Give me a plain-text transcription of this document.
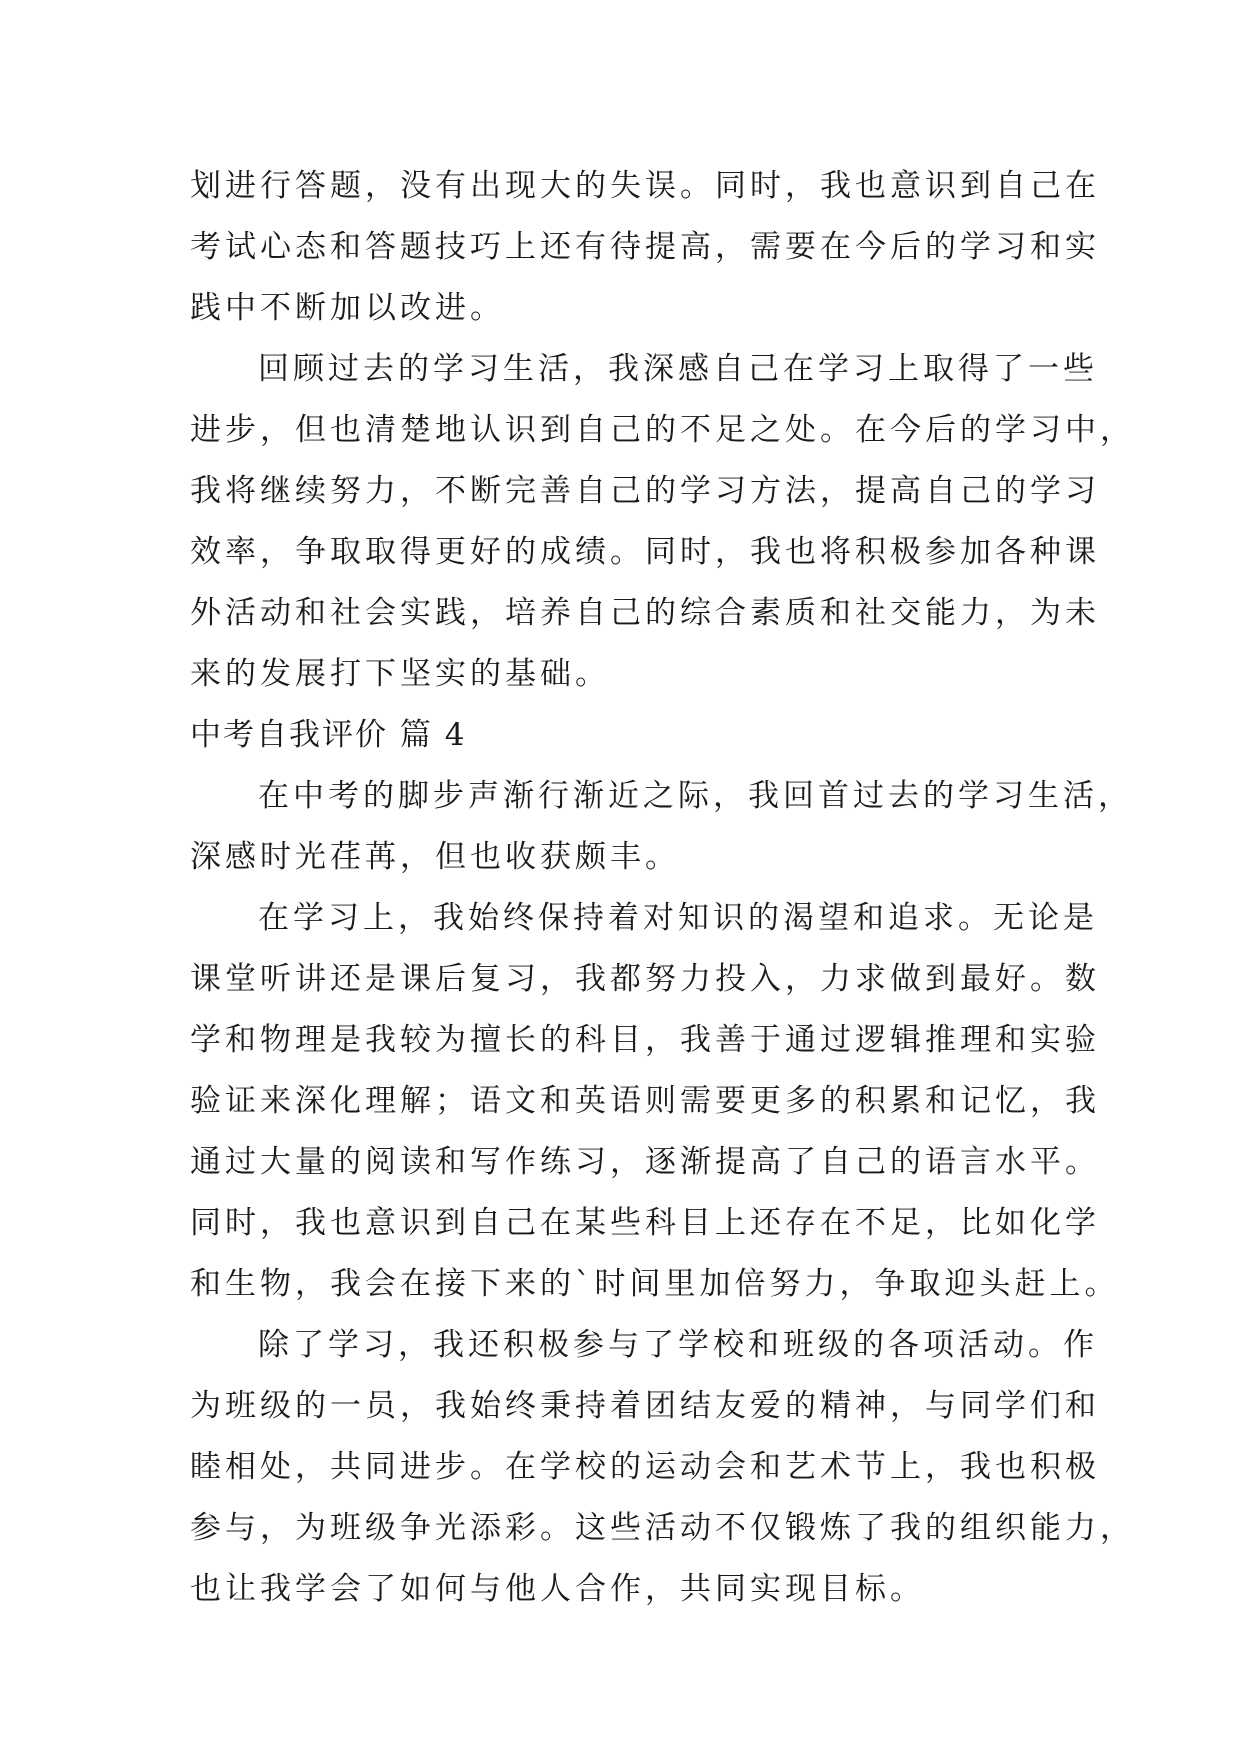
划进行答题，没有出现大的失误。同时，我也意识到自己在
考试心态和答题技巧上还有待提高，需要在今后的学习和实
践中不断加以改进。
回顾过去的学习生活，我深感自己在学习上取得了一些
进步，但也清楚地认识到自己的不足之处。在今后的学习中，
我将继续努力，不断完善自己的学习方法，提高自己的学习
效率，争取取得更好的成绩。同时，我也将积极参加各种课
外活动和社会实践，培养自己的综合素质和社交能力，为未
来的发展打下坚实的基础。
中考自我评价 篇 4
在中考的脚步声渐行渐近之际，我回首过去的学习生活，
深感时光荏苒，但也收获颇丰。
在学习上，我始终保持着对知识的渴望和追求。无论是
课堂听讲还是课后复习，我都努力投入，力求做到最好。数
学和物理是我较为擅长的科目，我善于通过逻辑推理和实验
验证来深化理解；语文和英语则需要更多的积累和记忆，我
通过大量的阅读和写作练习，逐渐提高了自己的语言水平。
同时，我也意识到自己在某些科目上还存在不足，比如化学
和生物，我会在接下来的`时间里加倍努力，争取迎头赶上。
除了学习，我还积极参与了学校和班级的各项活动。作
为班级的一员，我始终秉持着团结友爱的精神，与同学们和
睦相处，共同进步。在学校的运动会和艺术节上，我也积极
参与，为班级争光添彩。这些活动不仅锻炼了我的组织能力，
也让我学会了如何与他人合作，共同实现目标。
